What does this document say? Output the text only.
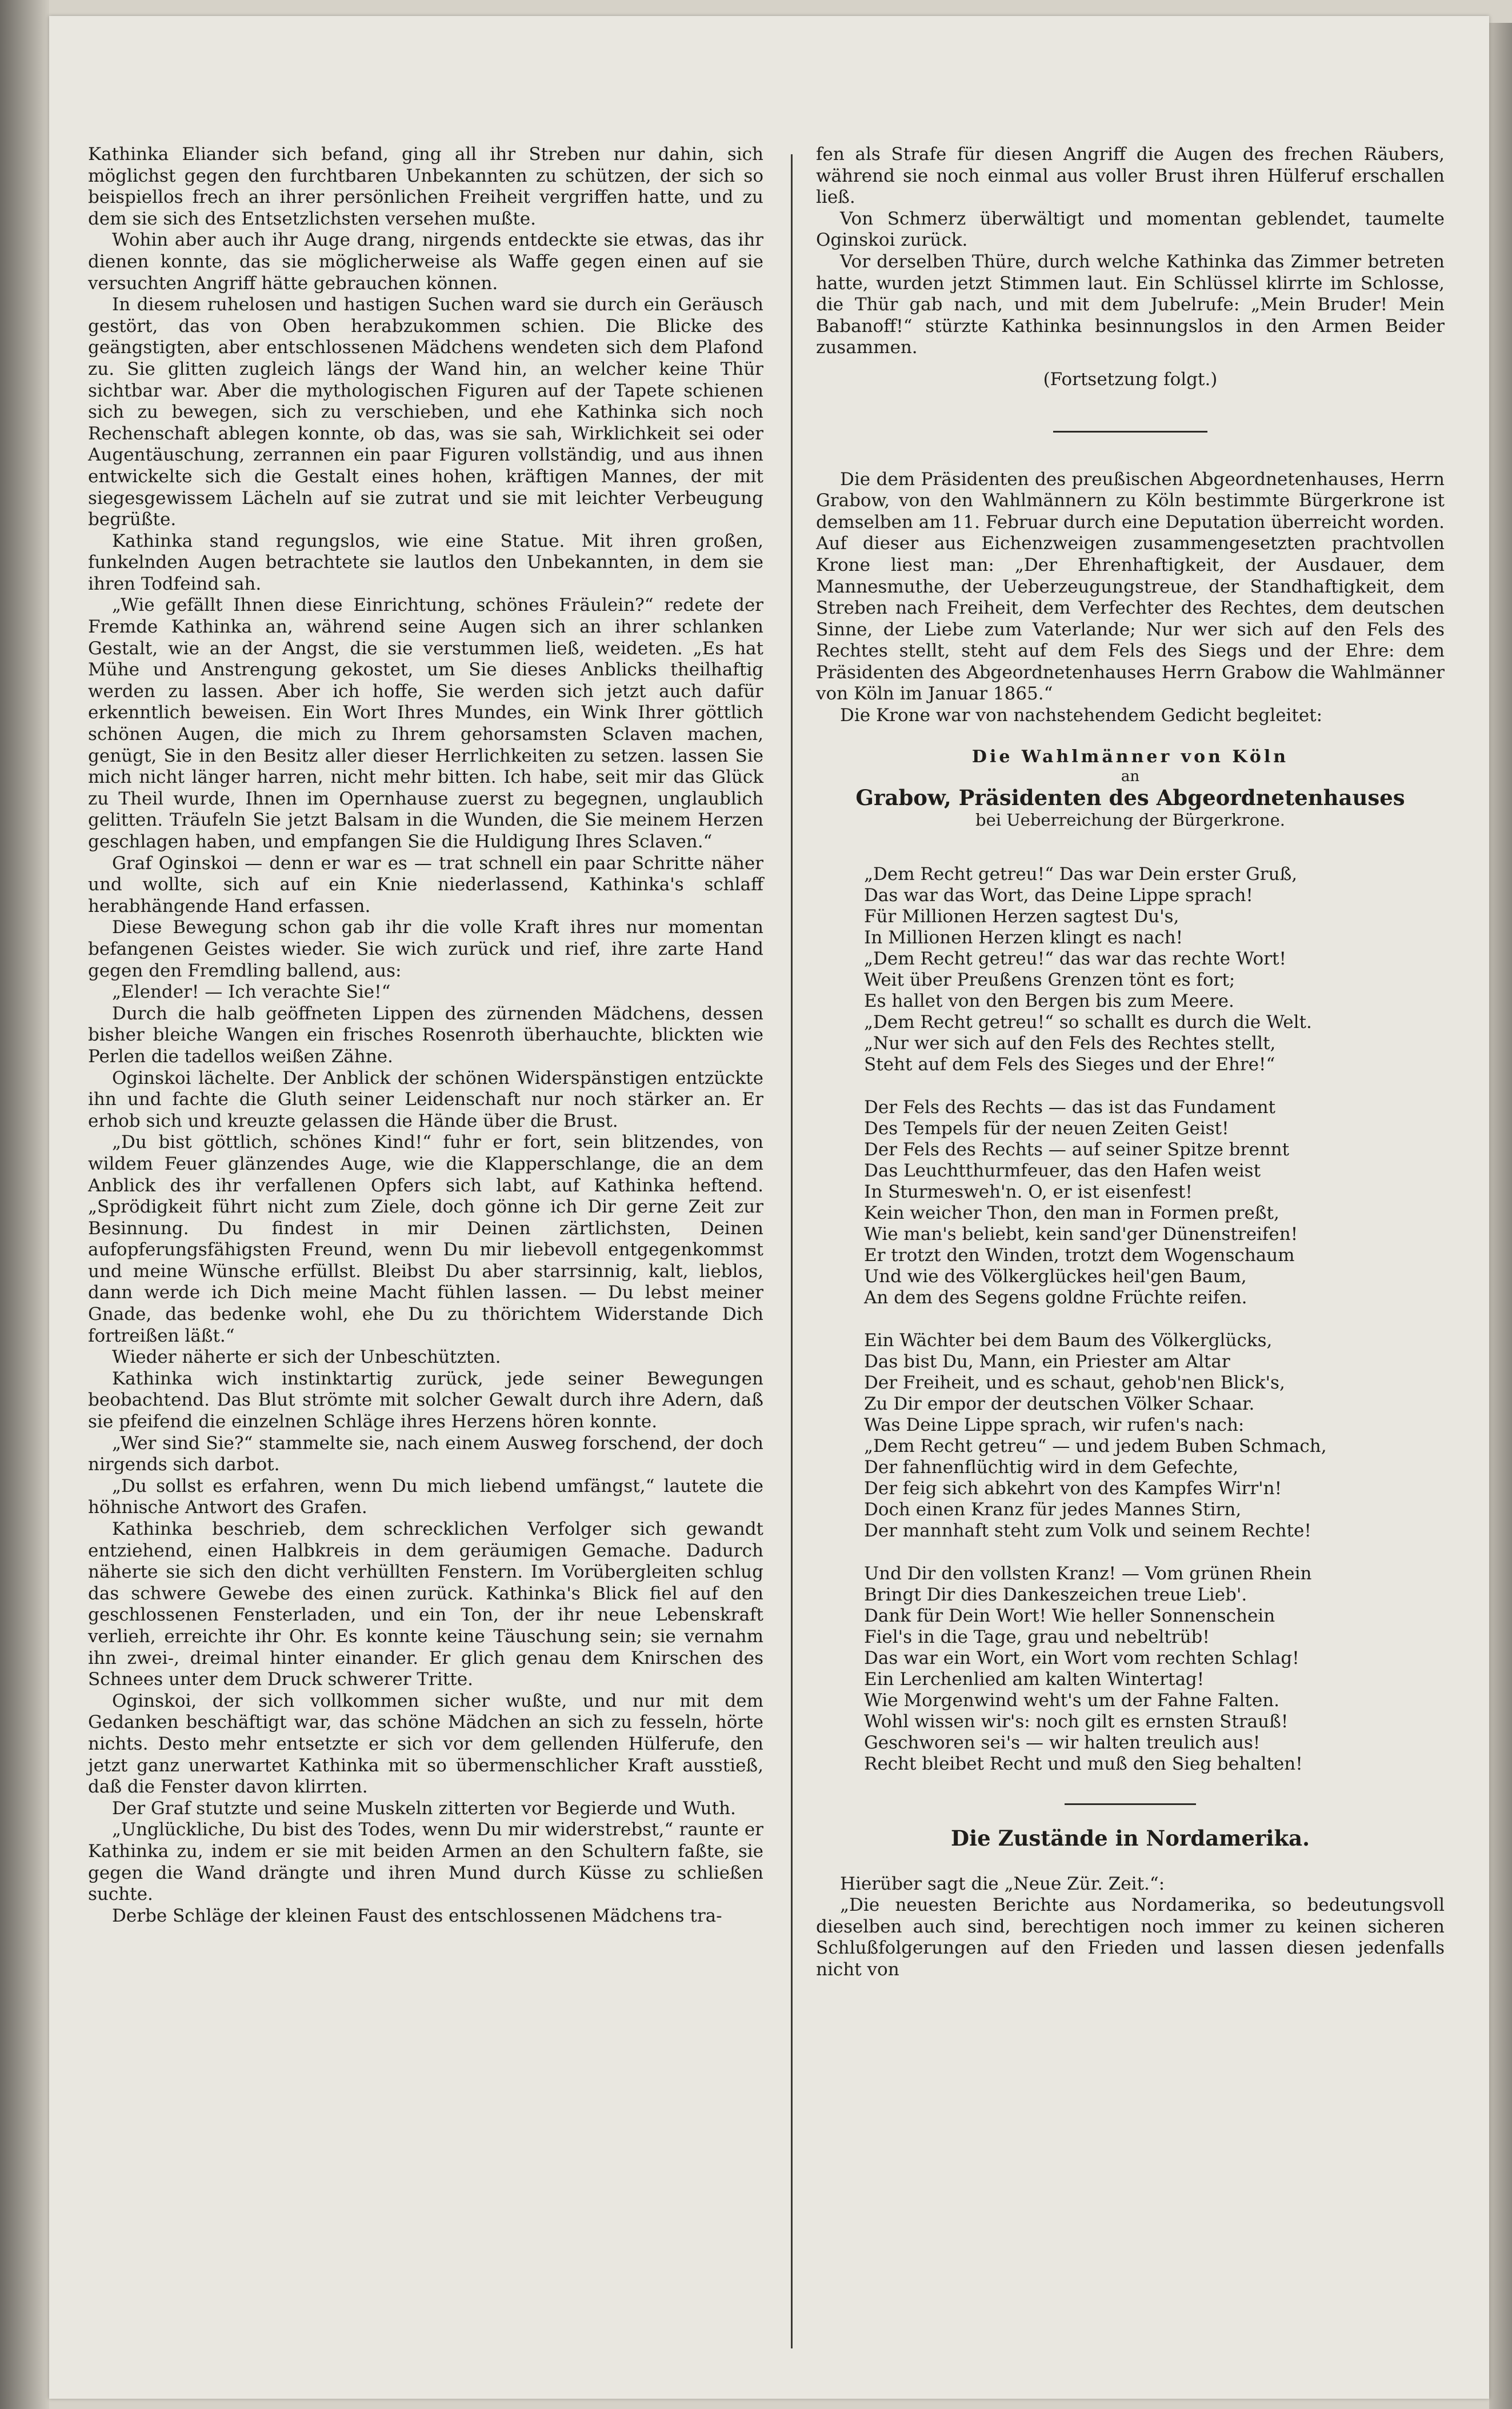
Kathinka Eliander sich befand, ging all ihr Streben nur dahin, sich möglichst gegen den furchtbaren Unbekannten zu schützen, der sich so beispiellos frech an ihrer persönlichen Freiheit vergriffen hatte, und zu dem sie sich des Entsetzlichsten versehen mußte.

Wohin aber auch ihr Auge drang, nirgends entdeckte sie etwas, das ihr dienen konnte, das sie möglicherweise als Waffe gegen einen auf sie versuchten Angriff hätte gebrauchen können.

In diesem ruhelosen und hastigen Suchen ward sie durch ein Geräusch gestört, das von Oben herabzukommen schien. Die Blicke des geängstigten, aber entschlossenen Mädchens wendeten sich dem Plafond zu. Sie glitten zugleich längs der Wand hin, an welcher keine Thür sichtbar war. Aber die mythologischen Figuren auf der Tapete schienen sich zu bewegen, sich zu verschieben, und ehe Kathinka sich noch Rechenschaft ablegen konnte, ob das, was sie sah, Wirklichkeit sei oder Augentäuschung, zerrannen ein paar Figuren vollständig, und aus ihnen entwickelte sich die Gestalt eines hohen, kräftigen Mannes, der mit siegesgewissem Lächeln auf sie zutrat und sie mit leichter Verbeugung begrüßte.

Kathinka stand regungslos, wie eine Statue. Mit ihren großen, funkelnden Augen betrachtete sie lautlos den Unbekannten, in dem sie ihren Todfeind sah.

„Wie gefällt Ihnen diese Einrichtung, schönes Fräulein?“ redete der Fremde Kathinka an, während seine Augen sich an ihrer schlanken Gestalt, wie an der Angst, die sie verstummen ließ, weideten. „Es hat Mühe und Anstrengung gekostet, um Sie dieses Anblicks theilhaftig werden zu lassen. Aber ich hoffe, Sie werden sich jetzt auch dafür erkenntlich beweisen. Ein Wort Ihres Mundes, ein Wink Ihrer göttlich schönen Augen, die mich zu Ihrem gehorsamsten Sclaven machen, genügt, Sie in den Besitz aller dieser Herrlichkeiten zu setzen. lassen Sie mich nicht länger harren, nicht mehr bitten. Ich habe, seit mir das Glück zu Theil wurde, Ihnen im Opernhause zuerst zu begegnen, unglaublich gelitten. Träufeln Sie jetzt Balsam in die Wunden, die Sie meinem Herzen geschlagen haben, und empfangen Sie die Huldigung Ihres Sclaven.“

Graf Oginskoi — denn er war es — trat schnell ein paar Schritte näher und wollte, sich auf ein Knie niederlassend, Kathinka's schlaff herabhängende Hand erfassen.

Diese Bewegung schon gab ihr die volle Kraft ihres nur momentan befangenen Geistes wieder. Sie wich zurück und rief, ihre zarte Hand gegen den Fremdling ballend, aus:

„Elender! — Ich verachte Sie!“

Durch die halb geöffneten Lippen des zürnenden Mädchens, dessen bisher bleiche Wangen ein frisches Rosenroth überhauchte, blickten wie Perlen die tadellos weißen Zähne.

Oginskoi lächelte. Der Anblick der schönen Widerspänstigen entzückte ihn und fachte die Gluth seiner Leidenschaft nur noch stärker an. Er erhob sich und kreuzte gelassen die Hände über die Brust.

„Du bist göttlich, schönes Kind!“ fuhr er fort, sein blitzendes, von wildem Feuer glänzendes Auge, wie die Klapperschlange, die an dem Anblick des ihr verfallenen Opfers sich labt, auf Kathinka heftend. „Sprödigkeit führt nicht zum Ziele, doch gönne ich Dir gerne Zeit zur Besinnung. Du findest in mir Deinen zärtlichsten, Deinen aufopferungsfähigsten Freund, wenn Du mir liebevoll entgegenkommst und meine Wünsche erfüllst. Bleibst Du aber starrsinnig, kalt, lieblos, dann werde ich Dich meine Macht fühlen lassen. — Du lebst meiner Gnade, das bedenke wohl, ehe Du zu thörichtem Widerstande Dich fortreißen läßt.“

Wieder näherte er sich der Unbeschützten.

Kathinka wich instinktartig zurück, jede seiner Bewegungen beobachtend. Das Blut strömte mit solcher Gewalt durch ihre Adern, daß sie pfeifend die einzelnen Schläge ihres Herzens hören konnte.

„Wer sind Sie?“ stammelte sie, nach einem Ausweg forschend, der doch nirgends sich darbot.

„Du sollst es erfahren, wenn Du mich liebend umfängst,“ lautete die höhnische Antwort des Grafen.

Kathinka beschrieb, dem schrecklichen Verfolger sich gewandt entziehend, einen Halbkreis in dem geräumigen Gemache. Dadurch näherte sie sich den dicht verhüllten Fenstern. Im Vorübergleiten schlug das schwere Gewebe des einen zurück. Kathinka's Blick fiel auf den geschlossenen Fensterladen, und ein Ton, der ihr neue Lebenskraft verlieh, erreichte ihr Ohr. Es konnte keine Täuschung sein; sie vernahm ihn zwei-, dreimal hinter einander. Er glich genau dem Knirschen des Schnees unter dem Druck schwerer Tritte.

Oginskoi, der sich vollkommen sicher wußte, und nur mit dem Gedanken beschäftigt war, das schöne Mädchen an sich zu fesseln, hörte nichts. Desto mehr entsetzte er sich vor dem gellenden Hülferufe, den jetzt ganz unerwartet Kathinka mit so übermenschlicher Kraft ausstieß, daß die Fenster davon klirrten.

Der Graf stutzte und seine Muskeln zitterten vor Begierde und Wuth.

„Unglückliche, Du bist des Todes, wenn Du mir widerstrebst,“ raunte er Kathinka zu, indem er sie mit beiden Armen an den Schultern faßte, sie gegen die Wand drängte und ihren Mund durch Küsse zu schließen suchte.

Derbe Schläge der kleinen Faust des entschlossenen Mädchens tra-

fen als Strafe für diesen Angriff die Augen des frechen Räubers, während sie noch einmal aus voller Brust ihren Hülferuf erschallen ließ.

Von Schmerz überwältigt und momentan geblendet, taumelte Oginskoi zurück.

Vor derselben Thüre, durch welche Kathinka das Zimmer betreten hatte, wurden jetzt Stimmen laut. Ein Schlüssel klirrte im Schlosse, die Thür gab nach, und mit dem Jubelrufe: „Mein Bruder! Mein Babanoff!“ stürzte Kathinka besinnungslos in den Armen Beider zusammen.

(Fortsetzung folgt.)

Die dem Präsidenten des preußischen Abgeordnetenhauses, Herrn Grabow, von den Wahlmännern zu Köln bestimmte Bürgerkrone ist demselben am 11. Februar durch eine Deputation überreicht worden. Auf dieser aus Eichenzweigen zusammengesetzten prachtvollen Krone liest man: „Der Ehrenhaftigkeit, der Ausdauer, dem Mannesmuthe, der Ueberzeugungstreue, der Standhaftigkeit, dem Streben nach Freiheit, dem Verfechter des Rechtes, dem deutschen Sinne, der Liebe zum Vaterlande; Nur wer sich auf den Fels des Rechtes stellt, steht auf dem Fels des Siegs und der Ehre: dem Präsidenten des Abgeordnetenhauses Herrn Grabow die Wahlmänner von Köln im Januar 1865.“

Die Krone war von nachstehendem Gedicht begleitet:

Die Wahlmänner von Köln

an

Grabow, Präsidenten des Abgeordnetenhauses

bei Ueberreichung der Bürgerkrone.

„Dem Recht getreu!“ Das war Dein erster Gruß,

Das war das Wort, das Deine Lippe sprach!

Für Millionen Herzen sagtest Du's,

In Millionen Herzen klingt es nach!

„Dem Recht getreu!“ das war das rechte Wort!

Weit über Preußens Grenzen tönt es fort;

Es hallet von den Bergen bis zum Meere.

„Dem Recht getreu!“ so schallt es durch die Welt.

„Nur wer sich auf den Fels des Rechtes stellt,

Steht auf dem Fels des Sieges und der Ehre!“

Der Fels des Rechts — das ist das Fundament

Des Tempels für der neuen Zeiten Geist!

Der Fels des Rechts — auf seiner Spitze brennt

Das Leuchtthurmfeuer, das den Hafen weist

In Sturmesweh'n. O, er ist eisenfest!

Kein weicher Thon, den man in Formen preßt,

Wie man's beliebt, kein sand'ger Dünenstreifen!

Er trotzt den Winden, trotzt dem Wogenschaum

Und wie des Völkerglückes heil'gen Baum,

An dem des Segens goldne Früchte reifen.

Ein Wächter bei dem Baum des Völkerglücks,

Das bist Du, Mann, ein Priester am Altar

Der Freiheit, und es schaut, gehob'nen Blick's,

Zu Dir empor der deutschen Völker Schaar.

Was Deine Lippe sprach, wir rufen's nach:

„Dem Recht getreu“ — und jedem Buben Schmach,

Der fahnenflüchtig wird in dem Gefechte,

Der feig sich abkehrt von des Kampfes Wirr'n!

Doch einen Kranz für jedes Mannes Stirn,

Der mannhaft steht zum Volk und seinem Rechte!

Und Dir den vollsten Kranz! — Vom grünen Rhein

Bringt Dir dies Dankeszeichen treue Lieb'.

Dank für Dein Wort! Wie heller Sonnenschein

Fiel's in die Tage, grau und nebeltrüb!

Das war ein Wort, ein Wort vom rechten Schlag!

Ein Lerchenlied am kalten Wintertag!

Wie Morgenwind weht's um der Fahne Falten.

Wohl wissen wir's: noch gilt es ernsten Strauß!

Geschworen sei's — wir halten treulich aus!

Recht bleibet Recht und muß den Sieg behalten!

Die Zustände in Nordamerika.

Hierüber sagt die „Neue Zür. Zeit.“:

„Die neuesten Berichte aus Nordamerika, so bedeutungsvoll dieselben auch sind, berechtigen noch immer zu keinen sicheren Schlußfolgerungen auf den Frieden und lassen diesen jedenfalls nicht von
